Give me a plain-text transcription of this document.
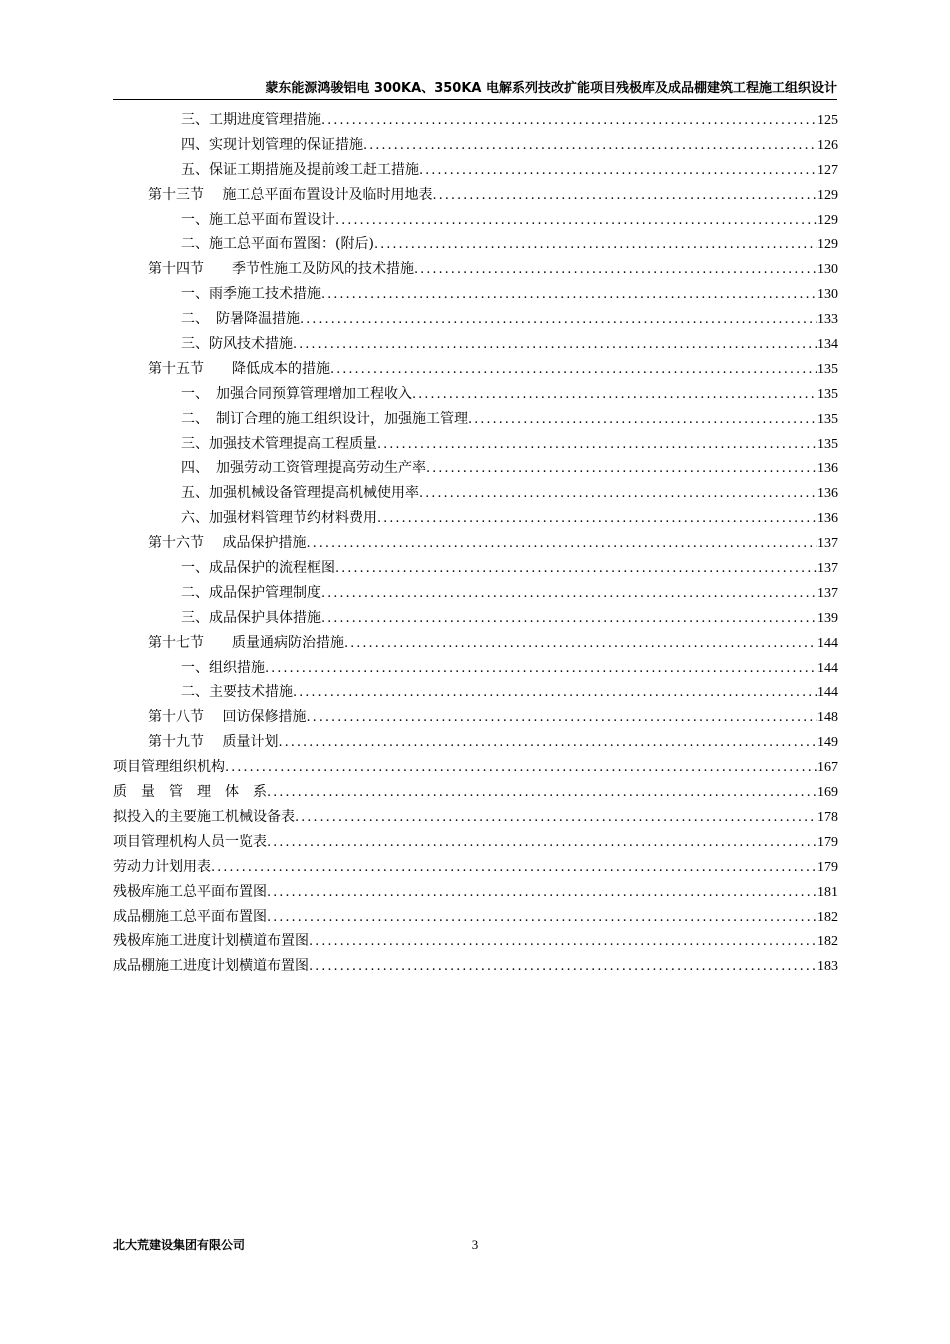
蒙东能源鸿骏铝电 300KA、350KA 电解系列技改扩能项目残极库及成品棚建筑工程施工组织设计
三、工期进度管理措施 .....	125
四、实现计划管理的保证措施 .....	126
五、保证工期措施及提前竣工赶工措施 .....	127
第十三节　 施工总平面布置设计及临时用地表 .....	129
一、施工总平面布置设计 .....	129
二、施工总平面布置图：(附后) .....	129
第十四节　　季节性施工及防风的技术措施 .....	130
一、雨季施工技术措施 .....	130
二、　防暑降温措施 .....	133
三、防风技术措施 .....	134
第十五节　　降低成本的措施 .....	135
一、　加强合同预算管理增加工程收入 .....	135
二、　制订合理的施工组织设计，加强施工管理 .....	135
三、加强技术管理提高工程质量 .....	135
四、　加强劳动工资管理提高劳动生产率 .....	136
五、加强机械设备管理提高机械使用率 .....	136
六、加强材料管理节约材料费用 .....	136
第十六节　 成品保护措施 .....	137
一、成品保护的流程框图 .....	137
二、成品保护管理制度 .....	137
三、成品保护具体措施 .....	139
第十七节　　质量通病防治措施 .....	144
一、组织措施 .....	144
二、主要技术措施 .....	144
第十八节　 回访保修措施 .....	148
第十九节　 质量计划 .....	149
项目管理组织机构 .....	167
质　量　管　理　体　系 .....	169
拟投入的主要施工机械设备表 .....	178
项目管理机构人员一览表 .....	179
劳动力计划用表 .....	179
残极库施工总平面布置图 .....	181
成品棚施工总平面布置图 .....	182
残极库施工进度计划横道布置图 .....	182
成品棚施工进度计划横道布置图 .....	183
北大荒建设集团有限公司	3
